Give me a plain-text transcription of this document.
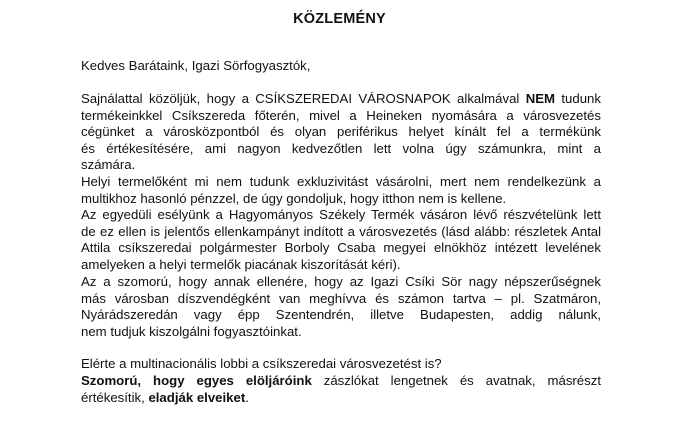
KÖZLEMÉNY
Kedves Barátaink, Igazi Sörfogyasztók,
Sajnálattal közöljük, hogy a CSÍKSZEREDAI VÁROSNAPOK alkalmával NEM tudunk
termékeinkkel Csíkszereda főterén, mivel a Heineken nyomására a városvezetés
cégünket a városközpontból és olyan periférikus helyet kínált fel a termékünk
és értékesítésére, ami nagyon kedvezőtlen lett volna úgy számunkra, mint a
számára.
Helyi termelőként mi nem tudunk exkluzivitást vásárolni, mert nem rendelkezünk a
multikhoz hasonló pénzzel, de úgy gondoljuk, hogy itthon nem is kellene.
Az egyedüli esélyünk a Hagyományos Székely Termék vásáron lévő részvételünk lett
de ez ellen is jelentős ellenkampányt indított a városvezetés (lásd alább: részletek Antal
Attila csíkszeredai polgármester Borboly Csaba megyei elnökhöz intézett levelének
amelyeken a helyi termelők piacának kiszorítását kéri).
Az a szomorú, hogy annak ellenére, hogy az Igazi Csíki Sör nagy népszerűségnek
más városban díszvendégként van meghívva és számon tartva – pl. Szatmáron,
Nyárádszeredán vagy épp Szentendrén, illetve Budapesten, addig nálunk,
nem tudjuk kiszolgálni fogyasztóinkat.
Elérte a multinacionális lobbi a csíkszeredai városvezetést is?
Szomorú, hogy egyes elöljáróink zászlókat lengetnek és avatnak, másrészt
értékesítik, eladják elveiket.
